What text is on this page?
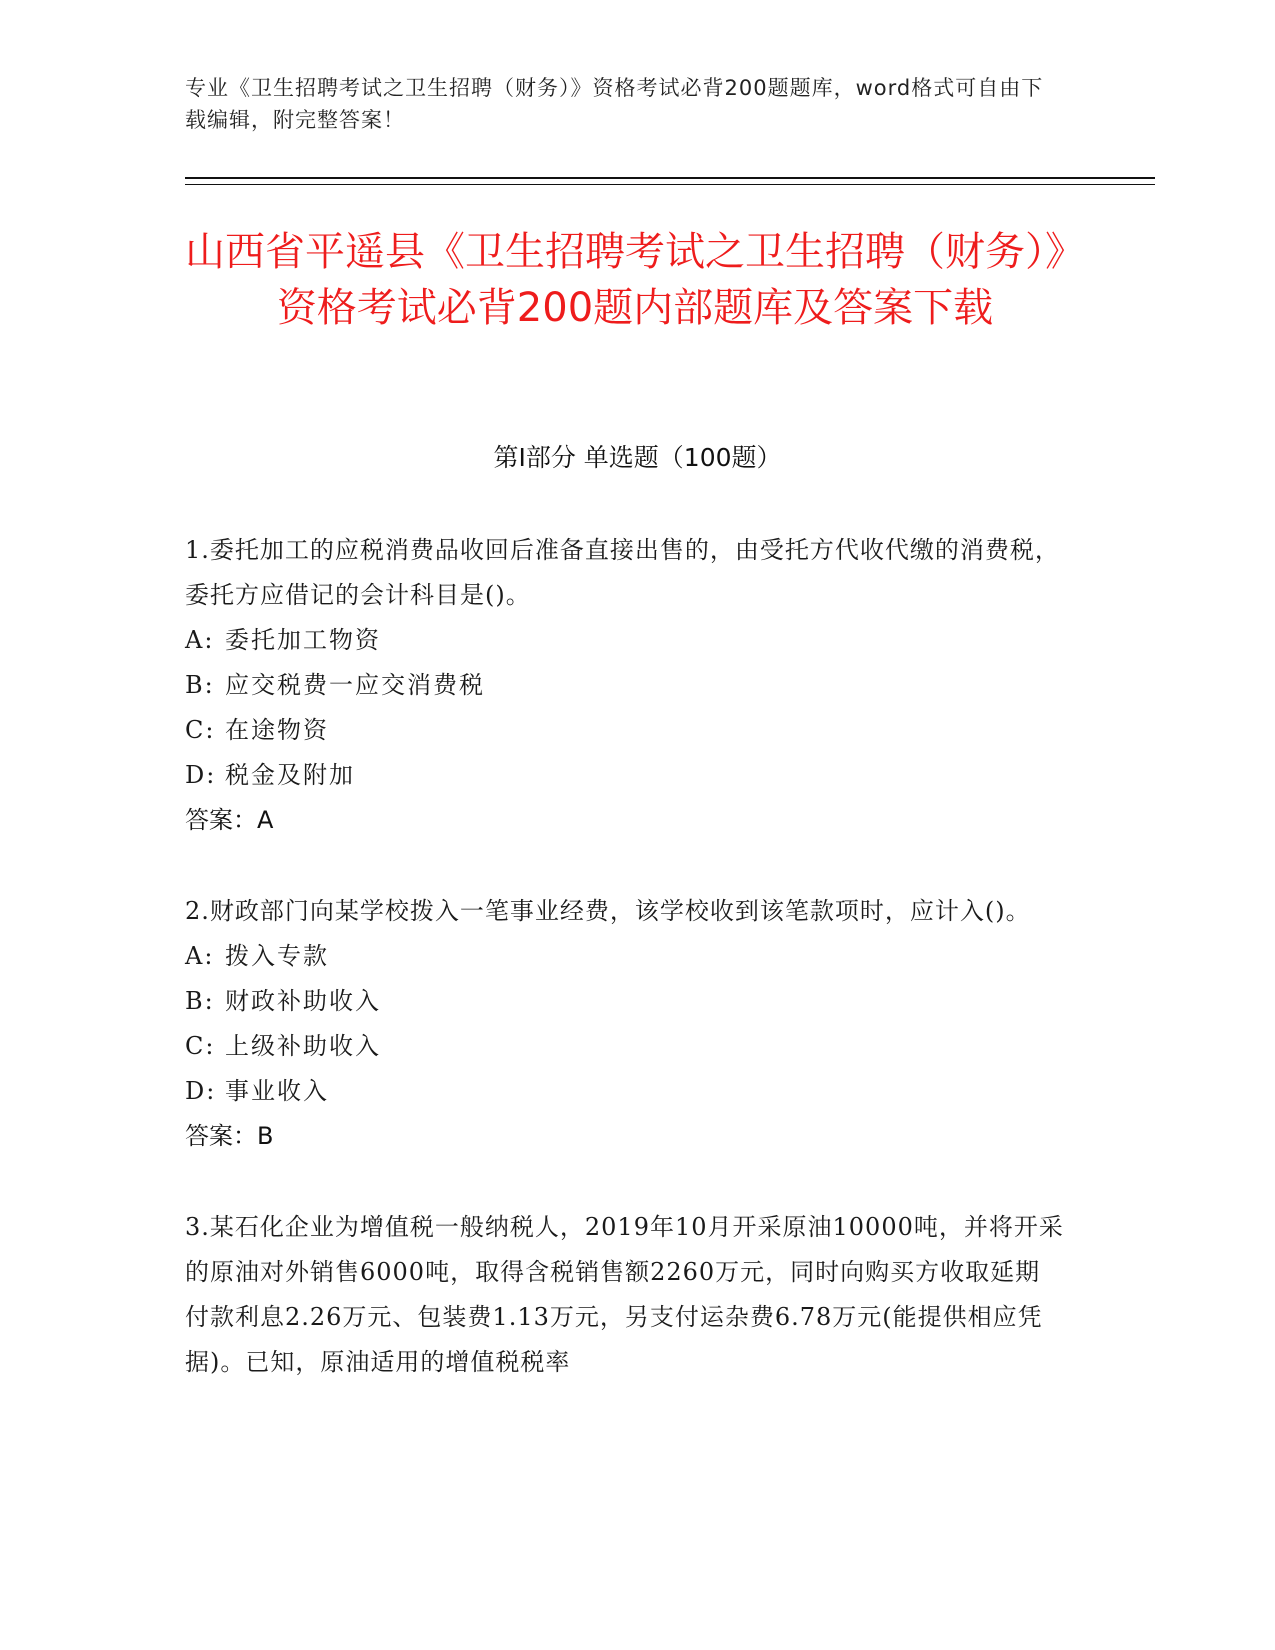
专业《卫生招聘考试之卫生招聘（财务）》资格考试必背200题题库，word格式可自由下载编辑，附完整答案！
山西省平遥县《卫生招聘考试之卫生招聘（财务）》资格考试必背200题内部题库及答案下载
第I部分 单选题（100题）

1.委托加工的应税消费品收回后准备直接出售的，由受托方代收代缴的消费税，委托方应借记的会计科目是()。

A: 委托加工物资

B: 应交税费一应交消费税

C: 在途物资

D: 税金及附加

答案：A

2.财政部门向某学校拨入一笔事业经费，该学校收到该笔款项时，应计入()。

A: 拨入专款

B: 财政补助收入

C: 上级补助收入

D: 事业收入

答案：B

3.某石化企业为增值税一般纳税人，2019年10月开采原油10000吨，并将开采的原油对外销售6000吨，取得含税销售额2260万元，同时向购买方收取延期付款利息2.26万元、包装费1.13万元，另支付运杂费6.78万元(能提供相应凭据)。已知，原油适用的增值税税率
